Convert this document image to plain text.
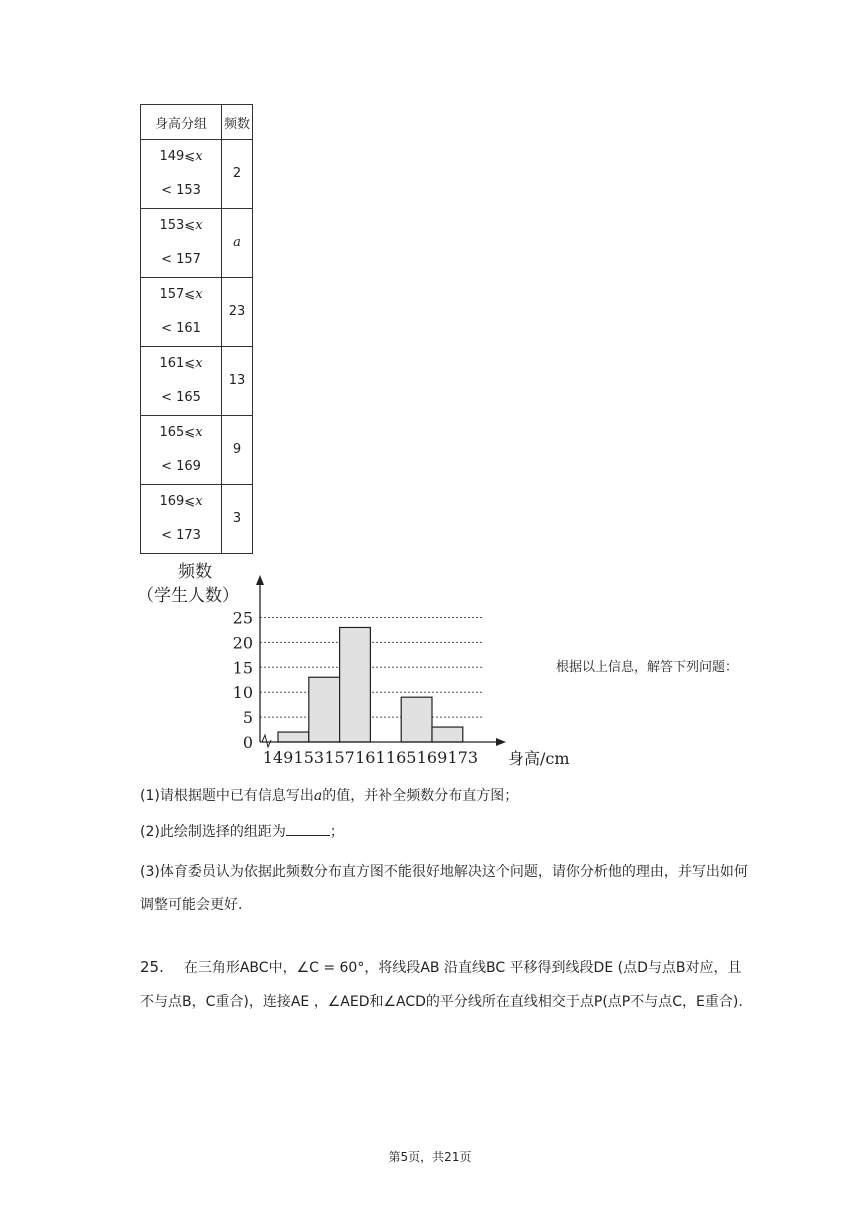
身高分组	频数

149⩽x
< 153	2

153⩽x
< 157	a

157⩽x
< 161	23

161⩽x
< 165	13

165⩽x
< 169	9

169⩽x
< 173	3
0
5
10
15
20
25
149 153 157 161 165 169 173
频数
（学生人数）
身高/cm
根据以上信息，解答下列问题：
(1)请根据题中已有信息写出a的值，并补全频数分布直方图；
(2)此绘制选择的组距为	；
(3)体育委员认为依据此频数分布直方图不能很好地解决这个问题，请你分析他的理由，并写出如何调整可能会更好.
25. 在三角形ABC中，∠C = 60°，将线段AB 沿直线BC 平移得到线段DE (点D与点B对应，且不与点B，C重合)，连接AE ，∠AED和∠ACD的平分线所在直线相交于点P(点P不与点C，E重合).
第5页，共21页
